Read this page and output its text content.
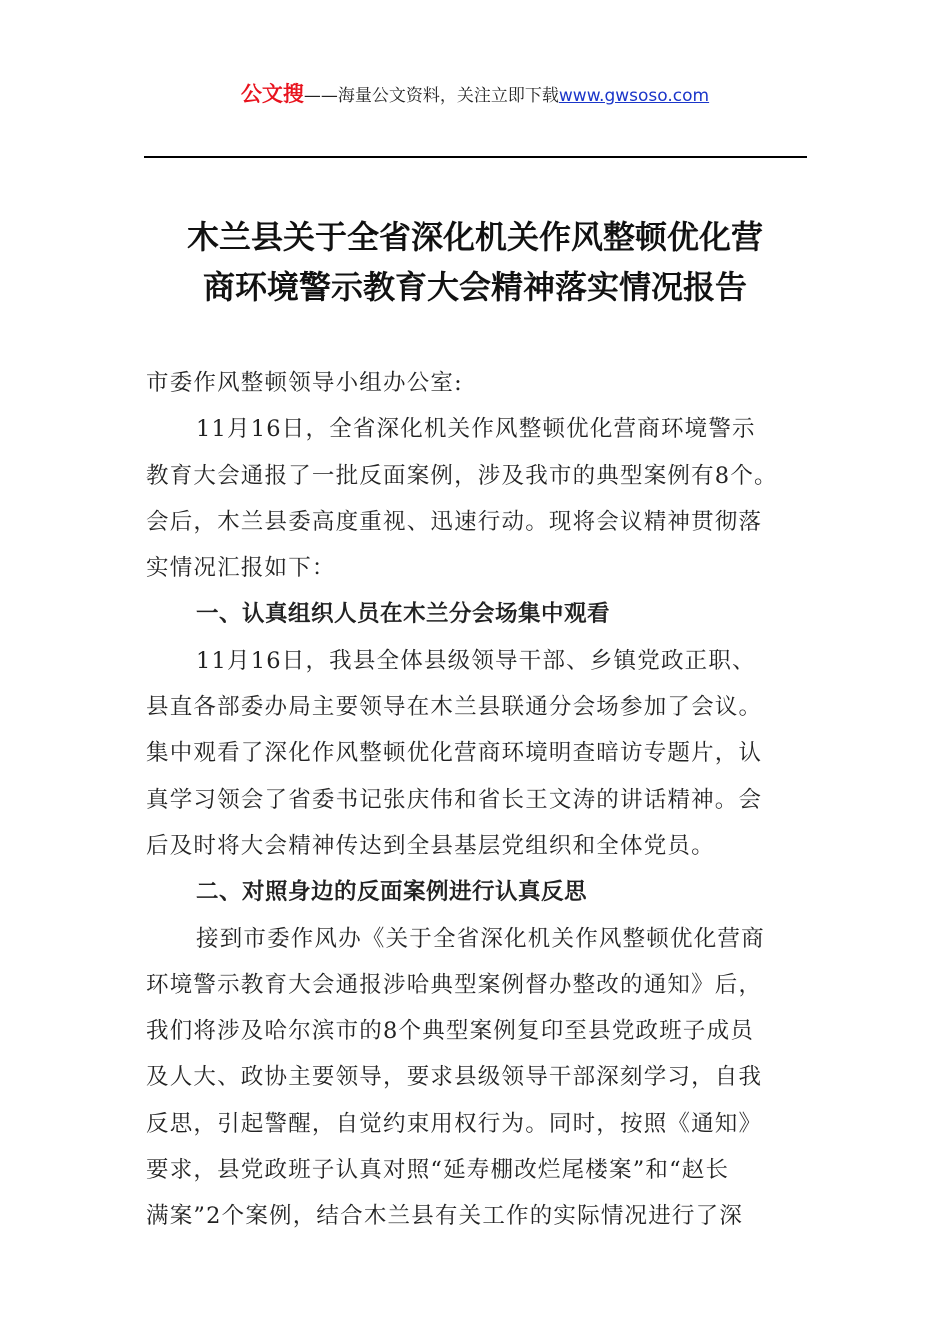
公文搜——海量公文资料，关注立即下载www.gwsoso.com
木兰县关于全省深化机关作风整顿优化营
商环境警示教育大会精神落实情况报告
市委作风整顿领导小组办公室:
11月16日，全省深化机关作风整顿优化营商环境警示
教育大会通报了一批反面案例，涉及我市的典型案例有8个。
会后，木兰县委高度重视、迅速行动。现将会议精神贯彻落
实情况汇报如下：
一、认真组织人员在木兰分会场集中观看
11月16日，我县全体县级领导干部、乡镇党政正职、
县直各部委办局主要领导在木兰县联通分会场参加了会议。
集中观看了深化作风整顿优化营商环境明查暗访专题片，认
真学习领会了省委书记张庆伟和省长王文涛的讲话精神。会
后及时将大会精神传达到全县基层党组织和全体党员。
二、对照身边的反面案例进行认真反思
接到市委作风办《关于全省深化机关作风整顿优化营商
环境警示教育大会通报涉哈典型案例督办整改的通知》后，
我们将涉及哈尔滨市的8个典型案例复印至县党政班子成员
及人大、政协主要领导，要求县级领导干部深刻学习，自我
反思，引起警醒，自觉约束用权行为。同时，按照《通知》
要求，县党政班子认真对照“延寿棚改烂尾楼案”和“赵长
满案”2个案例，结合木兰县有关工作的实际情况进行了深
